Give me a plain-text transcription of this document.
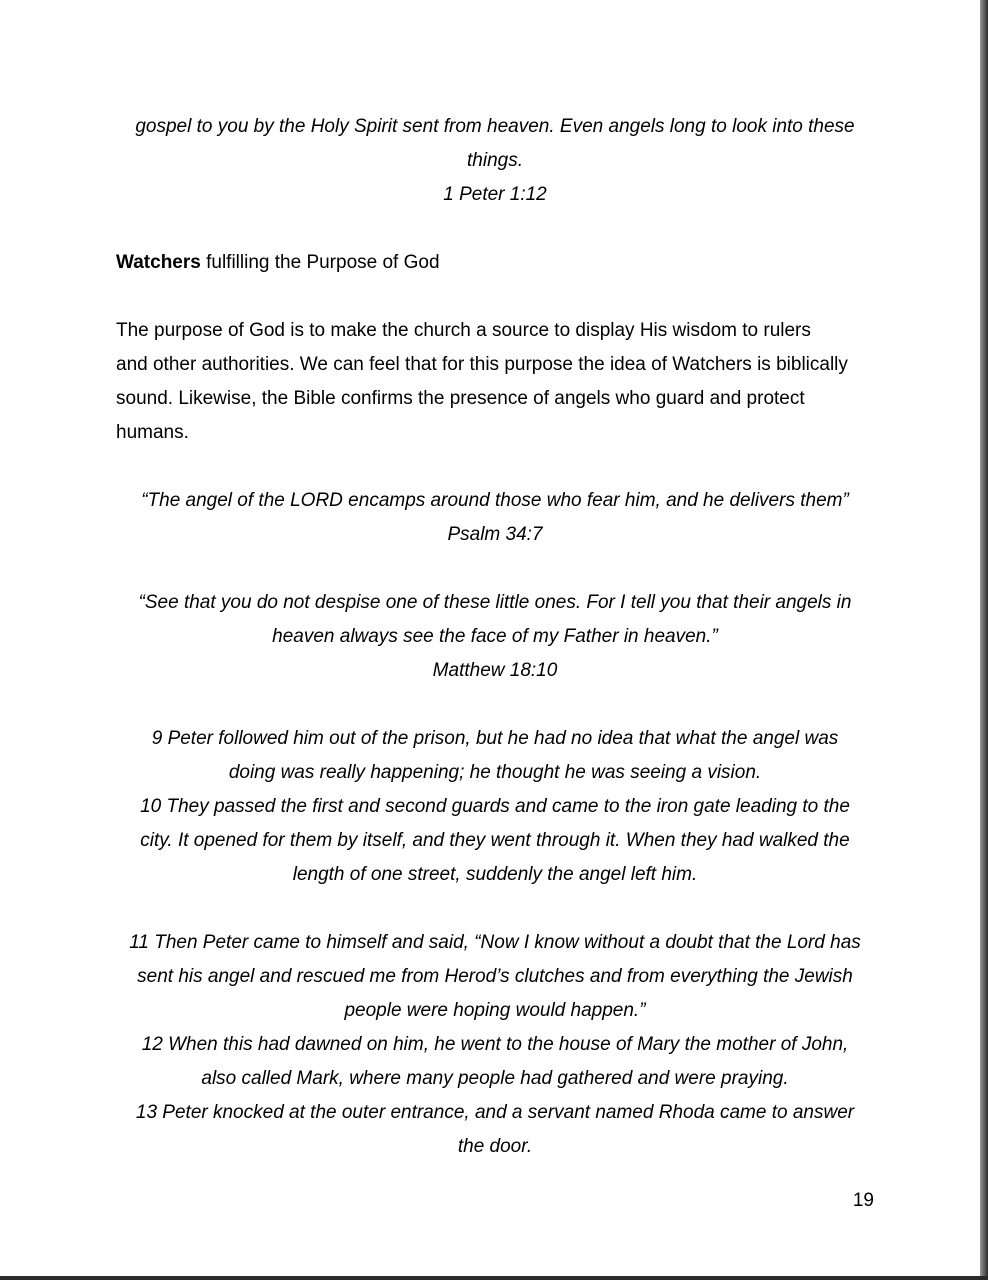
gospel to you by the Holy Spirit sent from heaven. Even angels long to look into these
things.
1 Peter 1:12
Watchers fulfilling the Purpose of God
The purpose of God is to make the church a source to display His wisdom to rulers
and other authorities. We can feel that for this purpose the idea of Watchers is biblically
sound. Likewise, the Bible confirms the presence of angels who guard and protect
humans.
“The angel of the LORD encamps around those who fear him, and he delivers them”
Psalm 34:7
“See that you do not despise one of these little ones. For I tell you that their angels in
heaven always see the face of my Father in heaven.”
Matthew 18:10
9 Peter followed him out of the prison, but he had no idea that what the angel was
doing was really happening; he thought he was seeing a vision.
10 They passed the first and second guards and came to the iron gate leading to the
city. It opened for them by itself, and they went through it. When they had walked the
length of one street, suddenly the angel left him.
11 Then Peter came to himself and said, “Now I know without a doubt that the Lord has
sent his angel and rescued me from Herod’s clutches and from everything the Jewish
people were hoping would happen.”
12 When this had dawned on him, he went to the house of Mary the mother of John,
also called Mark, where many people had gathered and were praying.
13 Peter knocked at the outer entrance, and a servant named Rhoda came to answer
the door.
19
